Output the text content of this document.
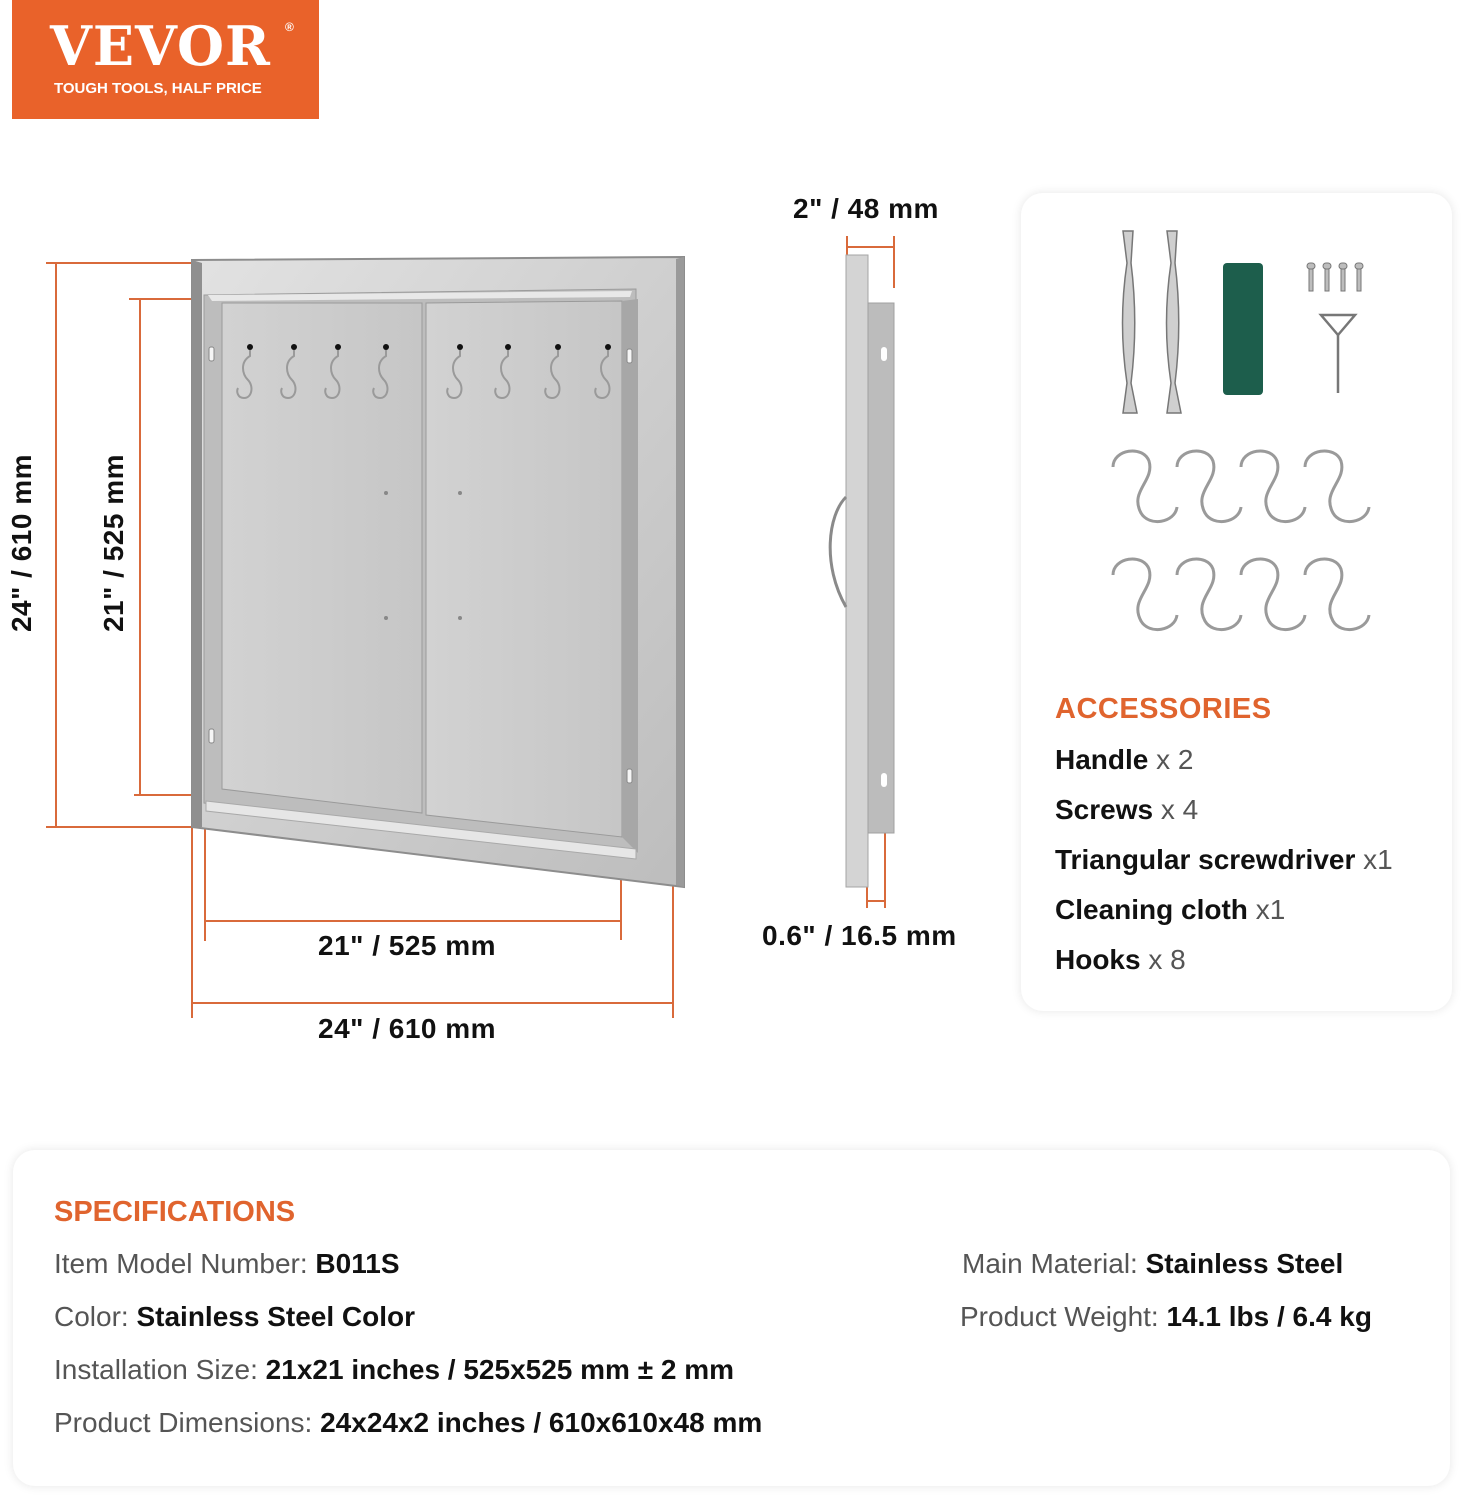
VEVOR ®
TOUGH TOOLS, HALF PRICE
24" / 610 mm 21" / 525 mm
21" / 525 mm
24" / 610 mm
2" / 48 mm
0.6" / 16.5 mm
ACCESSORIES
Handle x 2
Screws x 4
Triangular screwdriver x1
Cleaning cloth x1
Hooks x 8
SPECIFICATIONS
Item Model Number: B011S
Color: Stainless Steel Color
Installation Size: 21x21 inches / 525x525 mm ± 2 mm
Product Dimensions: 24x24x2 inches / 610x610x48 mm
Main Material: Stainless Steel
Product Weight: 14.1 lbs / 6.4 kg
